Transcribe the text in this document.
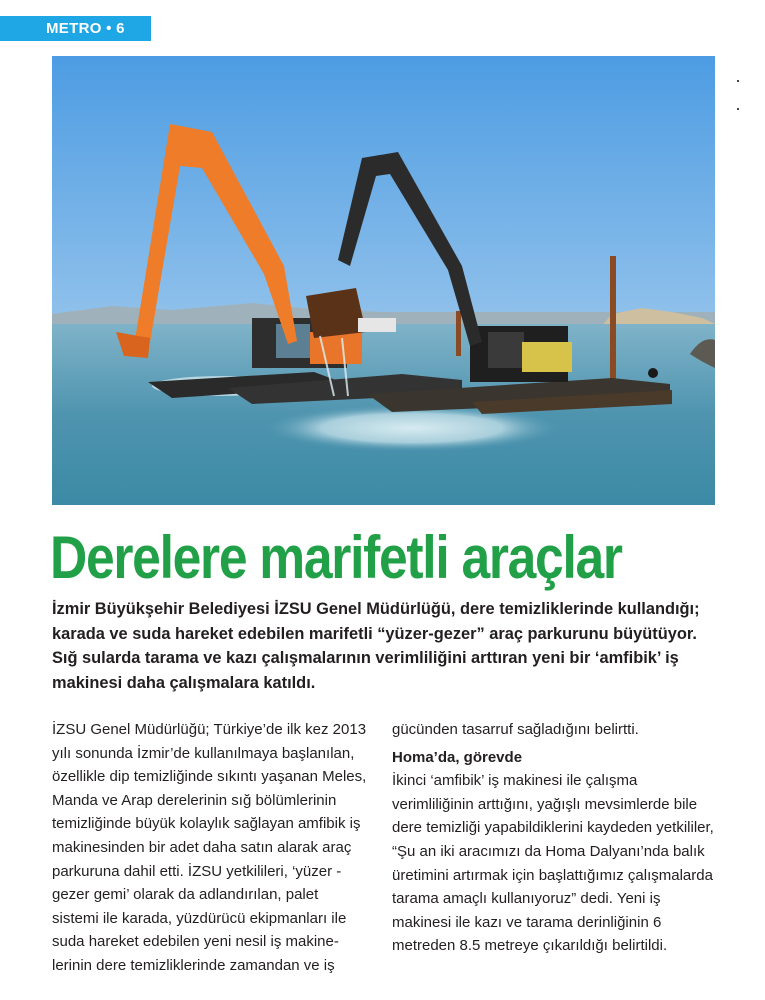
METRO • 6
Derelere marifetli araçlar
İzmir Büyükşehir Belediyesi İZSU Genel Müdürlüğü, dere temizliklerinde kullandığı; karada ve suda hareket edebilen marifetli “yüzer-gezer” araç parkurunu büyütüyor. Sığ sularda tarama ve kazı çalışmalarının verimliliğini arttıran yeni bir ‘amfibik’ iş makinesi daha çalışmalara katıldı.

İZSU Genel Müdürlüğü; Türkiye’de ilk kez 2013 yılı sonunda İzmir’de kullanılmaya başlanılan, özellikle dip temizliğinde sıkıntı yaşanan Meles, Manda ve Arap derelerinin sığ bölümlerinin temizliğinde büyük kolaylık sağlayan amfibik iş makinesinden bir adet daha satın alarak araç parkuruna dahil etti. İZSU yetkilileri, ‘yüzer - gezer gemi’ olarak da adlandırılan, palet sistemi ile karada, yüzdürücü ekipmanları ile suda hareket edebilen yeni nesil iş makine-lerinin dere temizliklerinde zamandan ve iş

gücünden tasarruf sağladığını belirtti.

Homa’da, görevde

İkinci ‘amfibik’ iş makinesi ile çalışma verimliliğinin arttığını, yağışlı mevsimlerde bile dere temizliği yapabildiklerini kaydeden yetkililer, “Şu an iki aracımızı da Homa Dalyanı’nda balık üretimini artırmak için başlattığımız çalışmalarda tarama amaçlı kullanıyoruz” dedi. Yeni iş makinesi ile kazı ve tarama derinliğinin 6 metreden 8.5 metreye çıkarıldığı belirtildi.
